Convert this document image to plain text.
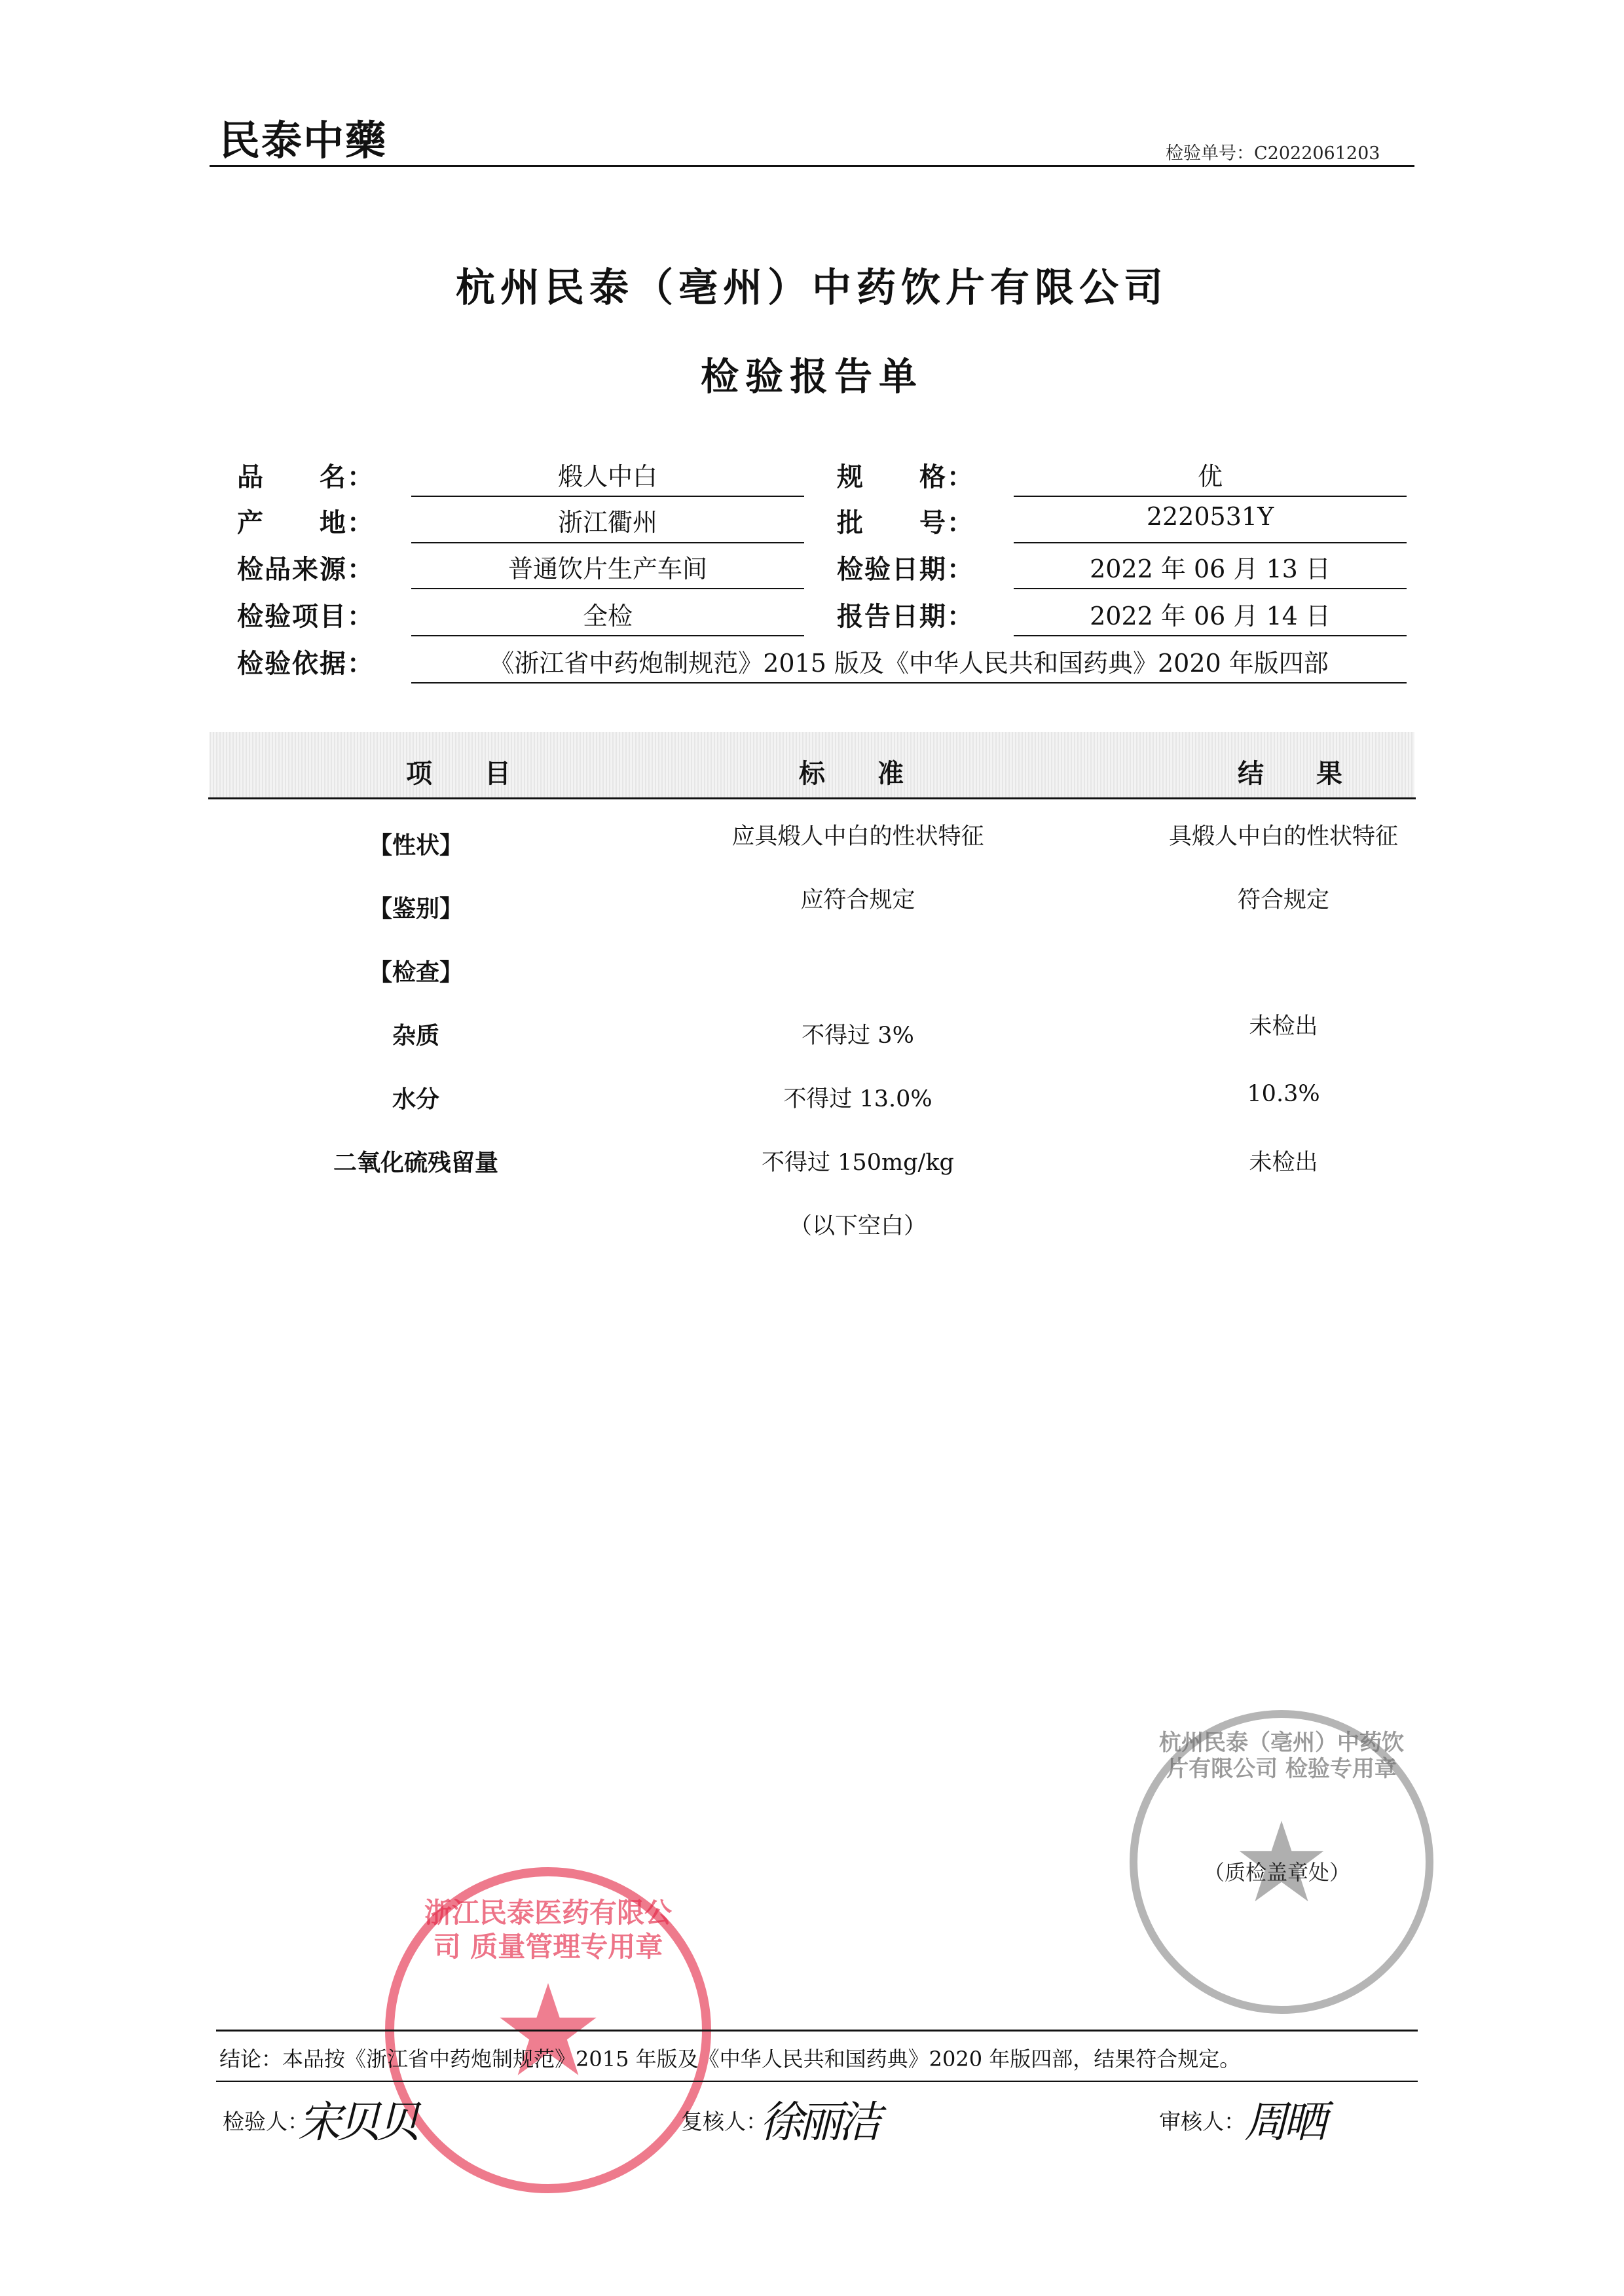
民泰中藥	检验单号：C2022061203
杭州民泰（亳州）中药饮片有限公司
检验报告单
品　　名：	煅人中白	规　　格：	优
产　　地：	浙江衢州	批　　号：	2220531Y
检品来源：	普通饮片生产车间	检验日期：	2022 年 06 月 13 日
检验项目：	全检	报告日期：	2022 年 06 月 14 日
检验依据：	《浙江省中药炮制规范》2015 版及《中华人民共和国药典》2020 年版四部
项　　目	标　　准	结　　果
【性状】	应具煅人中白的性状特征	具煅人中白的性状特征
【鉴别】	应符合规定	符合规定
【检查】
杂质	不得过 3%	未检出
水分	不得过 13.0%	10.3%
二氧化硫残留量	不得过 150mg/kg	未检出
（以下空白）
杭州民泰（亳州）中药饮片有限公司 检验专用章
（质检盖章处）
浙江民泰医药有限公司 质量管理专用章
结论：本品按《浙江省中药炮制规范》2015 年版及《中华人民共和国药典》2020 年版四部，结果符合规定。
检验人：
宋贝贝	复核人：
徐丽洁	审核人：
周晒
